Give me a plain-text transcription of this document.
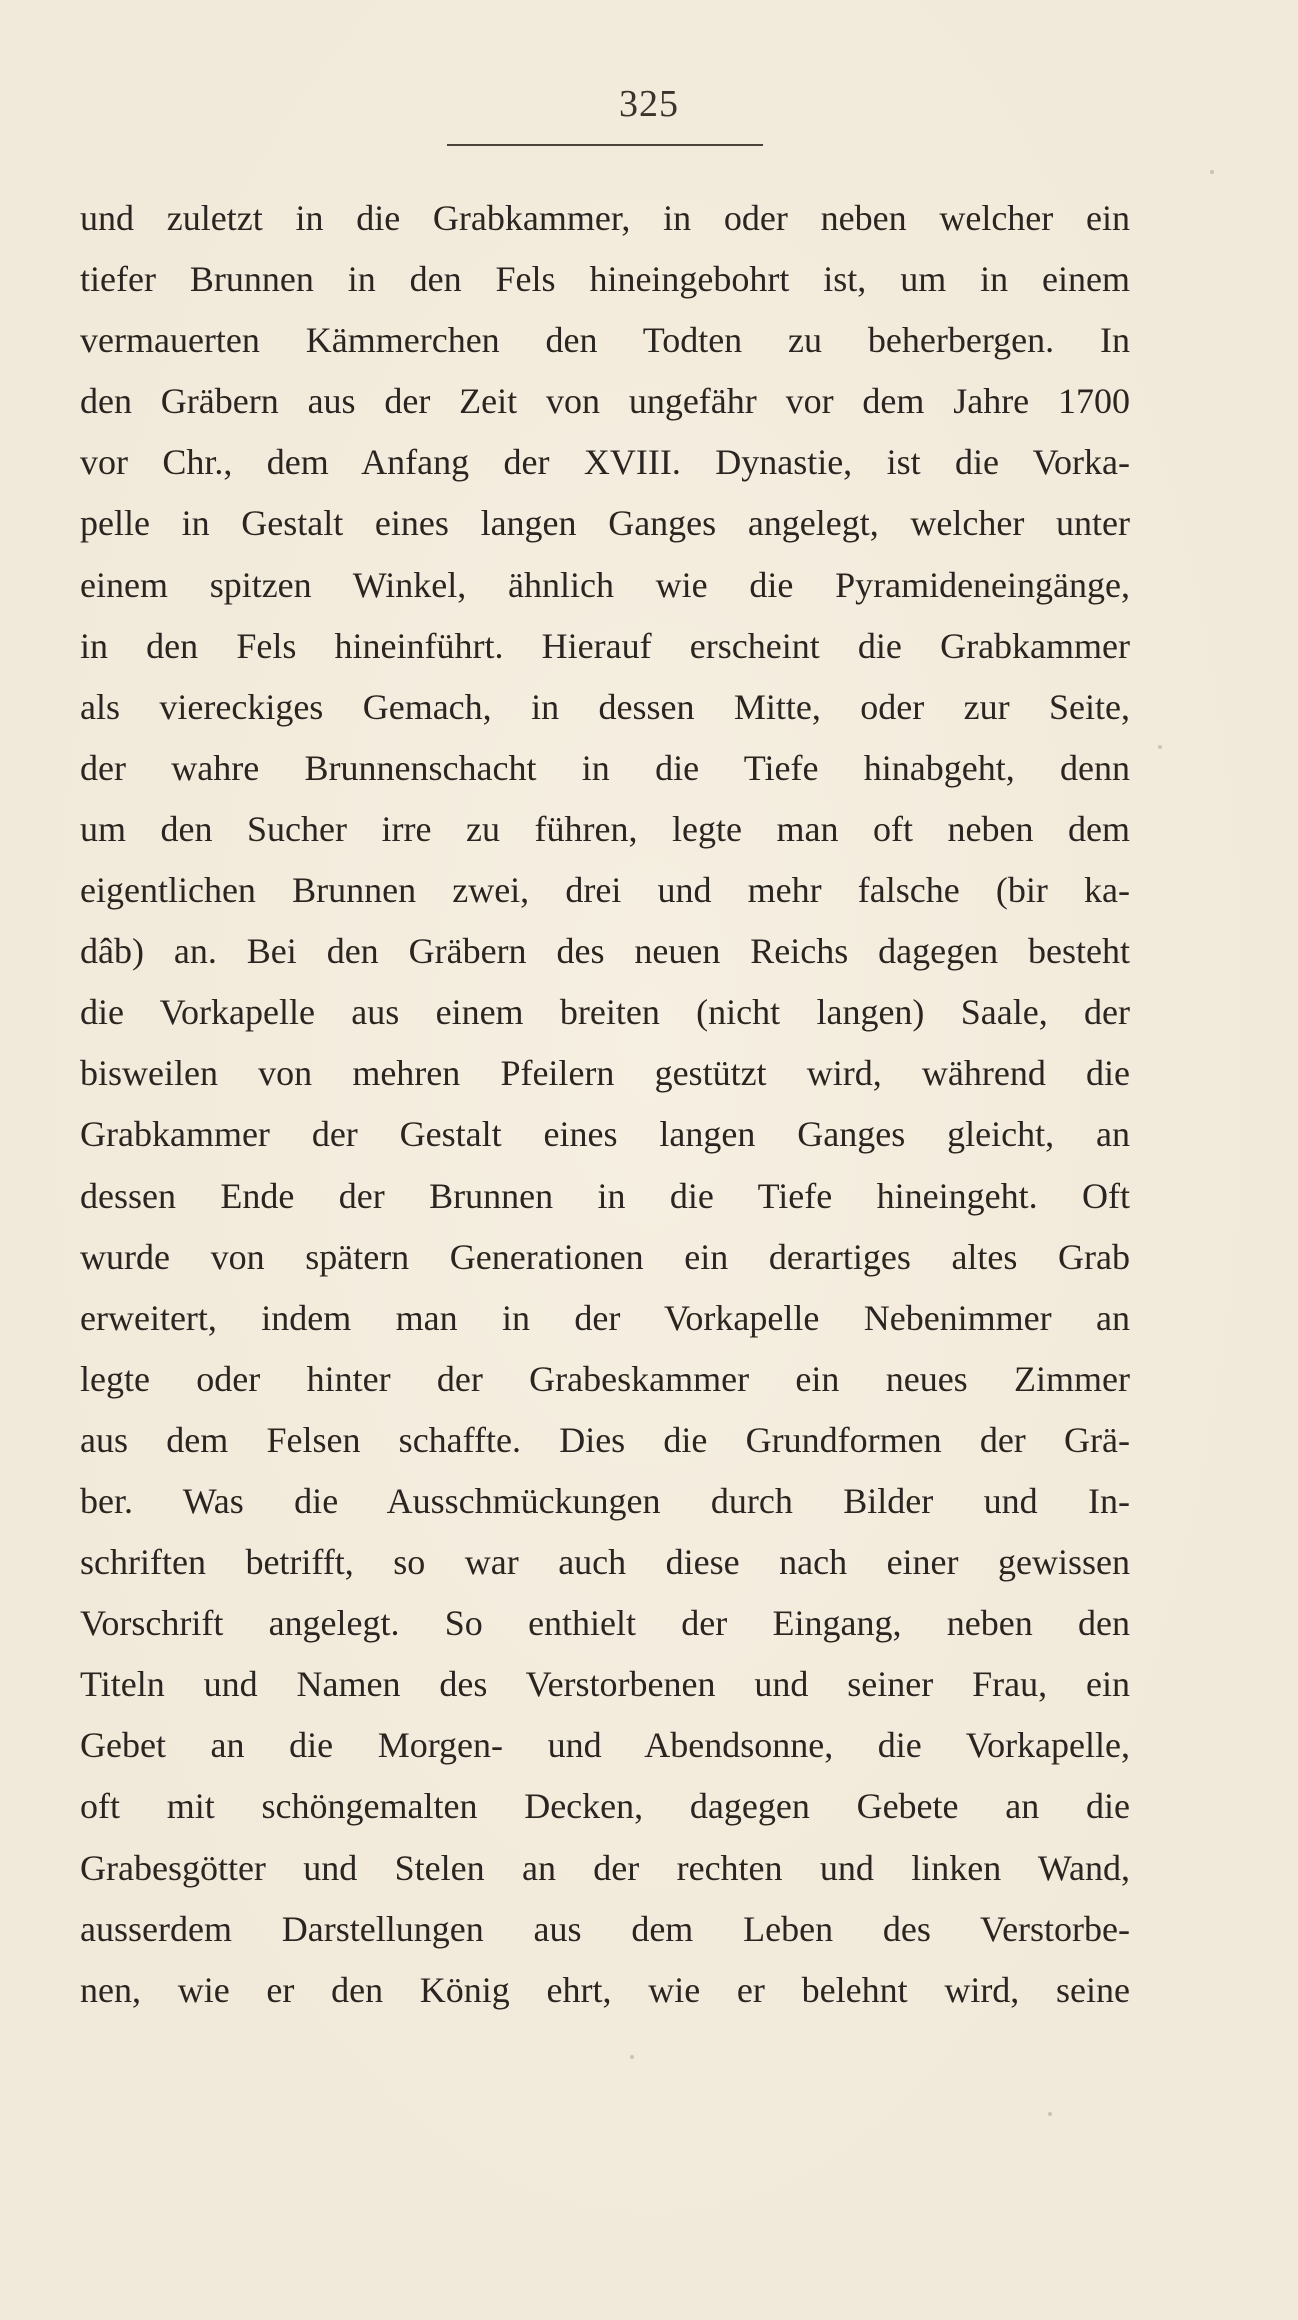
325
und zuletzt in die Grabkammer, in oder neben welcher ein
tiefer Brunnen in den Fels hineingebohrt ist, um in einem
vermauerten Kämmerchen den Todten zu beherbergen. In
den Gräbern aus der Zeit von ungefähr vor dem Jahre 1700
vor Chr., dem Anfang der XVIII. Dynastie, ist die Vorka-
pelle in Gestalt eines langen Ganges angelegt, welcher unter
einem spitzen Winkel, ähnlich wie die Pyramideneingänge,
in den Fels hineinführt. Hierauf erscheint die Grabkammer
als viereckiges Gemach, in dessen Mitte, oder zur Seite,
der wahre Brunnenschacht in die Tiefe hinabgeht, denn
um den Sucher irre zu führen, legte man oft neben dem
eigentlichen Brunnen zwei, drei und mehr falsche (bir ka-
dâb) an. Bei den Gräbern des neuen Reichs dagegen besteht
die Vorkapelle aus einem breiten (nicht langen) Saale, der
bisweilen von mehren Pfeilern gestützt wird, während die
Grabkammer der Gestalt eines langen Ganges gleicht, an
dessen Ende der Brunnen in die Tiefe hineingeht. Oft
wurde von spätern Generationen ein derartiges altes Grab
erweitert, indem man in der Vorkapelle Nebenimmer an
legte oder hinter der Grabeskammer ein neues Zimmer
aus dem Felsen schaffte. Dies die Grundformen der Grä-
ber. Was die Ausschmückungen durch Bilder und In-
schriften betrifft, so war auch diese nach einer gewissen
Vorschrift angelegt. So enthielt der Eingang, neben den
Titeln und Namen des Verstorbenen und seiner Frau, ein
Gebet an die Morgen- und Abendsonne, die Vorkapelle,
oft mit schöngemalten Decken, dagegen Gebete an die
Grabesgötter und Stelen an der rechten und linken Wand,
ausserdem Darstellungen aus dem Leben des Verstorbe-
nen, wie er den König ehrt, wie er belehnt wird, seine
